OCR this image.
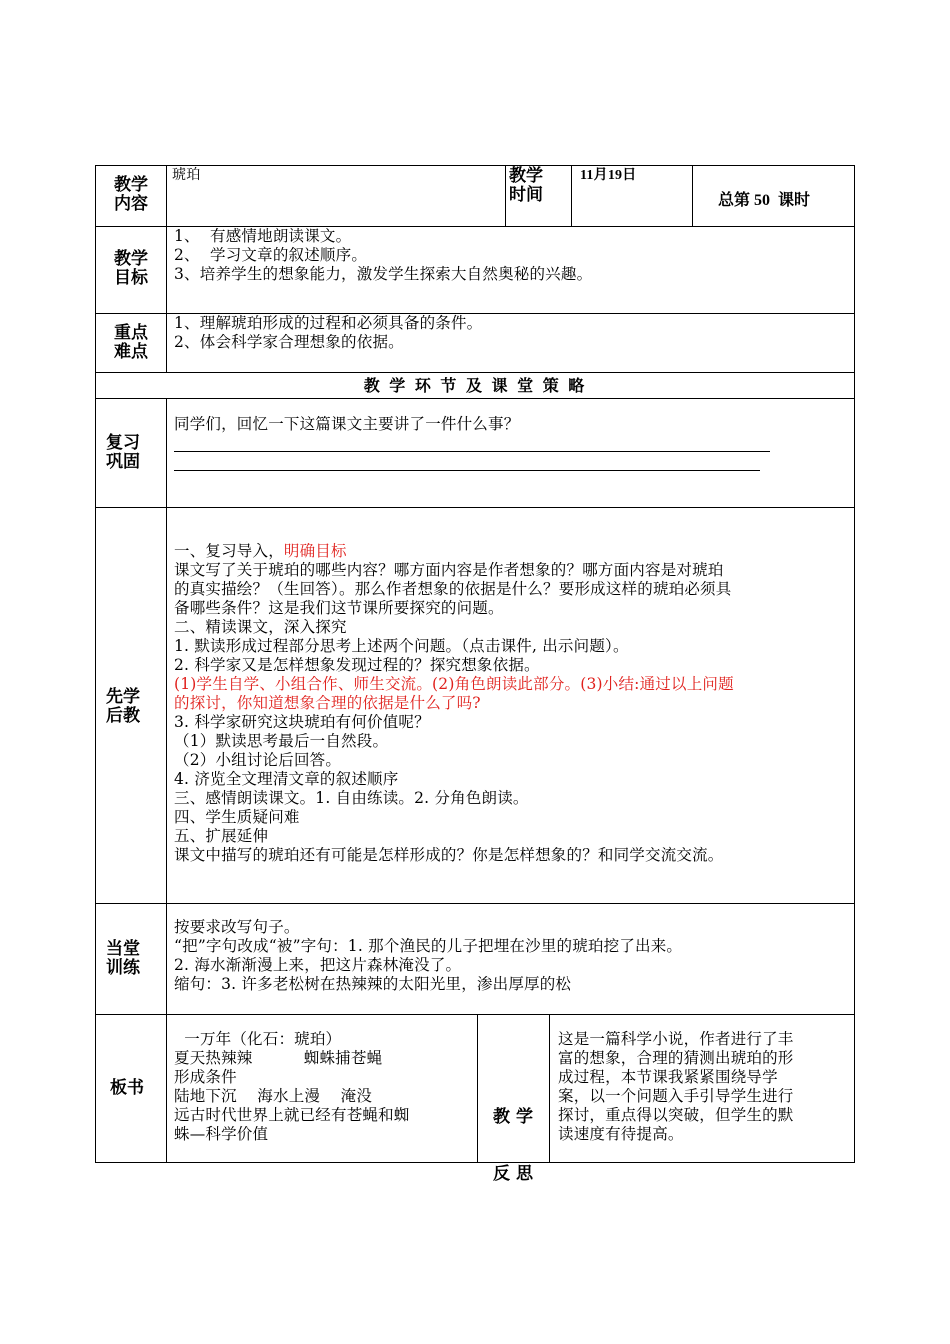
教学内容
琥珀	教学时间
11月19日
总第 50  课时
教学目标
1、  有感情地朗读课文。
2、  学习文章的叙述顺序。
3、培养学生的想象能力，激发学生探索大自然奥秘的兴趣。
重点难点
1、理解琥珀形成的过程和必须具备的条件。
2、体会科学家合理想象的依据。
教 学 环 节 及 课 堂 策 略
复习巩固
同学们，回忆一下这篇课文主要讲了一件什么事？
先学后教
一、复习导入，明确目标
课文写了关于琥珀的哪些内容？哪方面内容是作者想象的？哪方面内容是对琥珀
的真实描绘？（生回答）。那么作者想象的依据是什么？要形成这样的琥珀必须具
备哪些条件？这是我们这节课所要探究的问题。
二、精读课文，深入探究
1. 默读形成过程部分思考上述两个问题。（点击课件, 出示问题）。
2. 科学家又是怎样想象发现过程的？探究想象依据。
(1)学生自学、小组合作、师生交流。(2)角色朗读此部分。(3)小结:通过以上问题
的探讨，你知道想象合理的依据是什么了吗?
3. 科学家研究这块琥珀有何价值呢？
（1）默读思考最后一自然段。
（2）小组讨论后回答。
4. 济览全文理清文章的叙述顺序
三、感情朗读课文。1. 自由练读。2. 分角色朗读。
四、学生质疑问难
五、扩展延伸
课文中描写的琥珀还有可能是怎样形成的？你是怎样想象的？和同学交流交流。
当堂训练
按要求改写句子。
“把”字句改成“被”字句：1. 那个渔民的儿子把埋在沙里的琥珀挖了出来。
2. 海水渐渐漫上来，把这片森林淹没了。
缩句：3. 许多老松树在热辣辣的太阳光里，渗出厚厚的松
板书
一万年（化石：琥珀）
夏天热辣辣          蜘蛛捕苍蝇
形成条件
陆地下沉    海水上漫    淹没
远古时代世界上就已经有苍蝇和蜘
蛛—科学价值

教 学

反 思

这是一篇科学小说，作者进行了丰
富的想象，合理的猜测出琥珀的形
成过程，本节课我紧紧围绕导学
案，以一个问题入手引导学生进行
探讨，重点得以突破，但学生的默
读速度有待提高。
